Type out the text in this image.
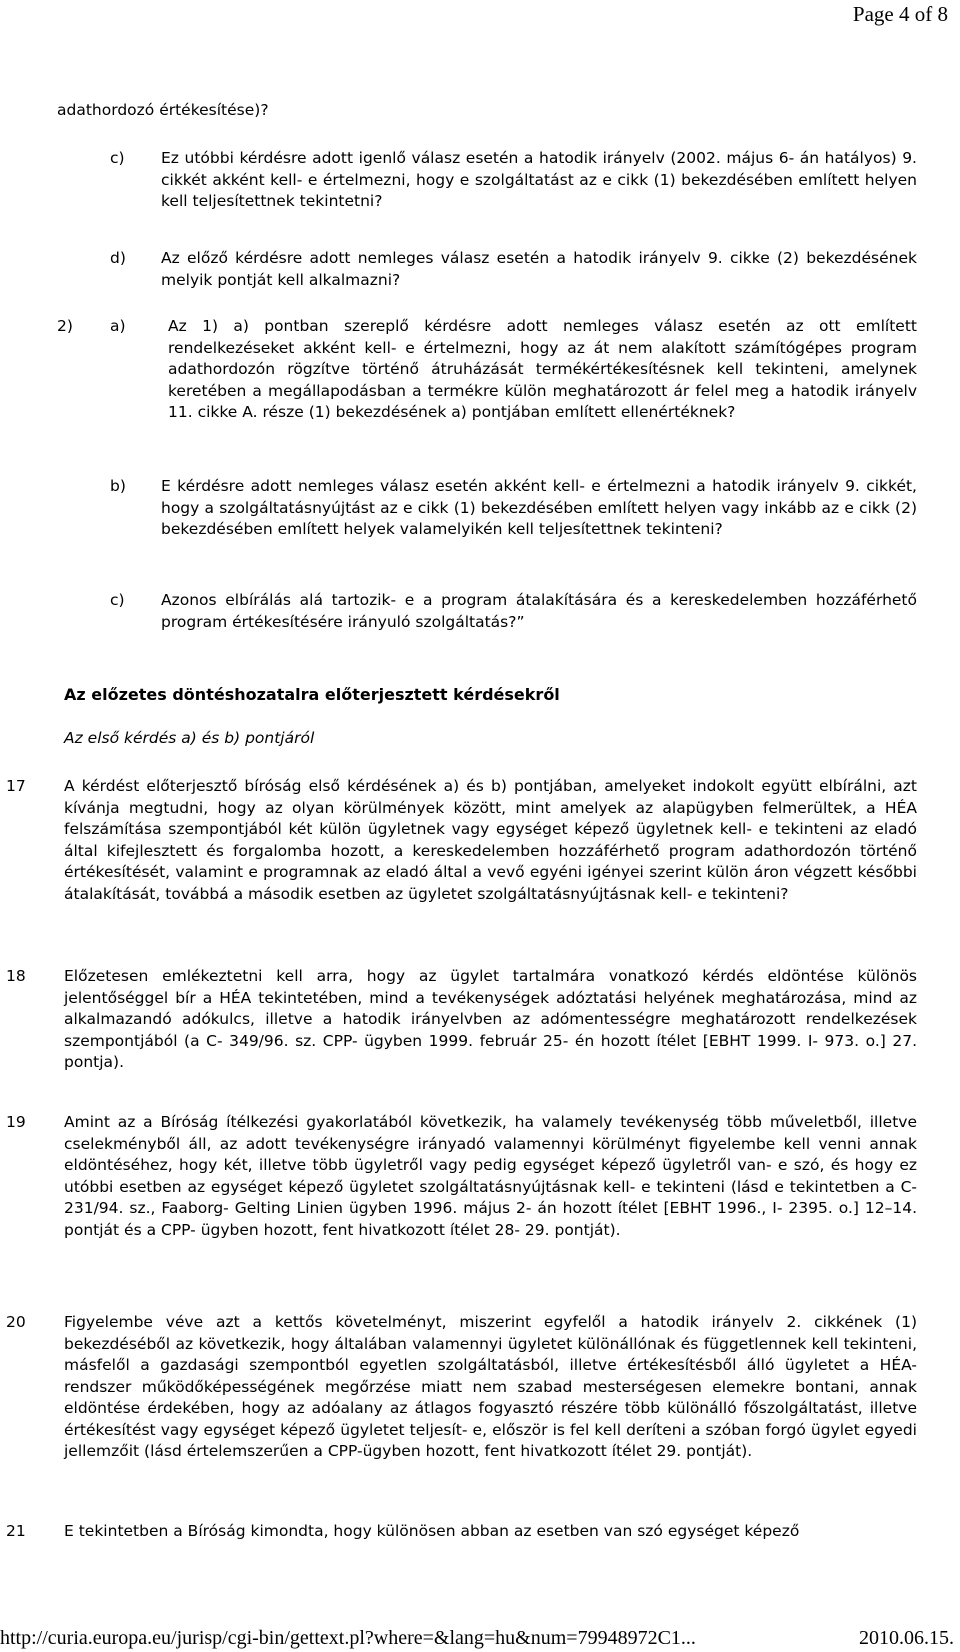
Page 4 of 8
adathordozó értékesítése)?
c) Ez utóbbi kérdésre adott igenlő válasz esetén a hatodik irányelv (2002. május 6- án hatályos) 9. cikkét akként kell- e értelmezni, hogy e szolgáltatást az e cikk (1) bekezdésében említett helyen kell teljesítettnek tekintetni?
d) Az előző kérdésre adott nemleges válasz esetén a hatodik irányelv 9. cikke (2) bekezdésének melyik pontját kell alkalmazni?
2) a)	Az 1) a) pontban szereplő kérdésre adott nemleges válasz esetén az ott említett rendelkezéseket akként kell- e értelmezni, hogy az át nem alakított számítógépes program adathordozón rögzítve történő átruházását termékértékesítésnek kell tekinteni, amelynek keretében a megállapodásban a termékre külön meghatározott ár felel meg a hatodik irányelv 11. cikke A. része (1) bekezdésének a) pontjában említett ellenértéknek?
b) E kérdésre adott nemleges válasz esetén akként kell- e értelmezni a hatodik irányelv 9. cikkét, hogy a szolgáltatásnyújtást az e cikk (1) bekezdésében említett helyen vagy inkább az e cikk (2) bekezdésében említett helyek valamelyikén kell teljesítettnek tekinteni?
c) Azonos elbírálás alá tartozik- e a program átalakítására és a kereskedelemben hozzáférhető program értékesítésére irányuló szolgáltatás?”
Az előzetes döntéshozatalra előterjesztett kérdésekről
Az első kérdés a) és b) pontjáról
17 A kérdést előterjesztő bíróság első kérdésének a) és b) pontjában, amelyeket indokolt együtt elbírálni, azt kívánja megtudni, hogy az olyan körülmények között, mint amelyek az alapügyben felmerültek, a HÉA felszámítása szempontjából két külön ügyletnek vagy egységet képező ügyletnek kell- e tekinteni az eladó által kifejlesztett és forgalomba hozott, a kereskedelemben hozzáférhető program adathordozón történő értékesítését, valamint e programnak az eladó által a vevő egyéni igényei szerint külön áron végzett későbbi átalakítását, továbbá a második esetben az ügyletet szolgáltatásnyújtásnak kell- e tekinteni?
18 Előzetesen emlékeztetni kell arra, hogy az ügylet tartalmára vonatkozó kérdés eldöntése különös jelentőséggel bír a HÉA tekintetében, mind a tevékenységek adóztatási helyének meghatározása, mind az alkalmazandó adókulcs, illetve a hatodik irányelvben az adómentességre meghatározott rendelkezések szempontjából (a C- 349/96. sz. CPP- ügyben 1999. február 25- én hozott ítélet [EBHT 1999. I- 973. o.] 27. pontja).
19 Amint az a Bíróság ítélkezési gyakorlatából következik, ha valamely tevékenység több műveletből, illetve cselekményből áll, az adott tevékenységre irányadó valamennyi körülményt figyelembe kell venni annak eldöntéséhez, hogy két, illetve több ügyletről vagy pedig egységet képező ügyletről van- e szó, és hogy ez utóbbi esetben az egységet képező ügyletet szolgáltatásnyújtásnak kell- e tekinteni (lásd e tekintetben a C- 231/94. sz., Faaborg- Gelting Linien ügyben 1996. május 2- án hozott ítélet [EBHT 1996., I- 2395. o.] 12–14. pontját és a CPP- ügyben hozott, fent hivatkozott ítélet 28- 29. pontját).
20 Figyelembe véve azt a kettős követelményt, miszerint egyfelől a hatodik irányelv 2. cikkének (1) bekezdéséből az következik, hogy általában valamennyi ügyletet különállónak és függetlennek kell tekinteni, másfelől a gazdasági szempontból egyetlen szolgáltatásból, illetve értékesítésből álló ügyletet a HÉA-rendszer működőképességének megőrzése miatt nem szabad mesterségesen elemekre bontani, annak eldöntése érdekében, hogy az adóalany az átlagos fogyasztó részére több különálló főszolgáltatást, illetve értékesítést vagy egységet képező ügyletet teljesít- e, először is fel kell deríteni a szóban forgó ügylet egyedi jellemzőit (lásd értelemszerűen a CPP-ügyben hozott, fent hivatkozott ítélet 29. pontját).
21 E tekintetben a Bíróság kimondta, hogy különösen abban az esetben van szó egységet képező
http://curia.europa.eu/jurisp/cgi-bin/gettext.pl?where=&lang=hu&num=79948972C1...	2010.06.15.
